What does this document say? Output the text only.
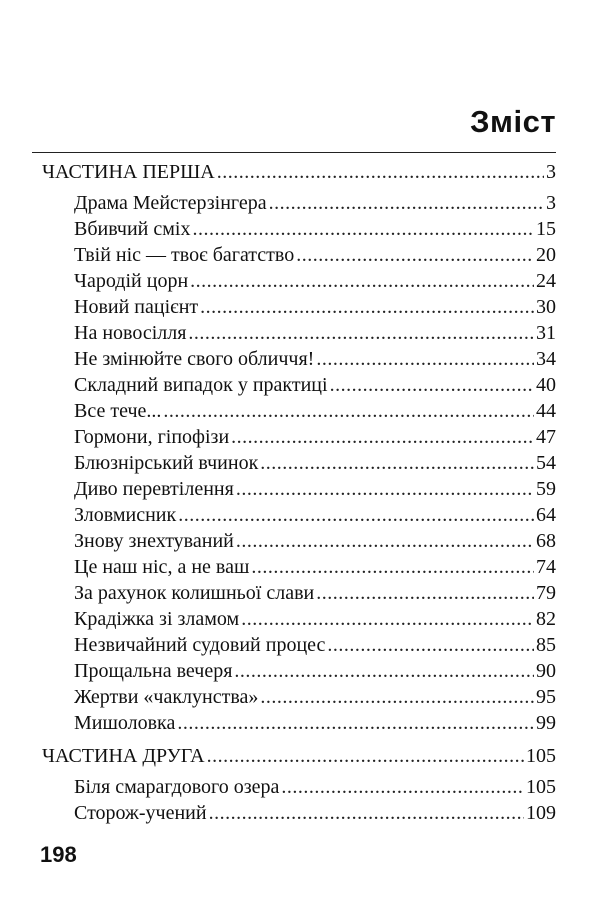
Зміст
ЧАСТИНА ПЕРША .....	3
Драма Мейстерзінгера .....	3
Вбивчий сміх .....	15
Твій ніс — твоє багатство .....	20
Чародій цорн .....	24
Новий пацієнт .....	30
На новосілля .....	31
Не змінюйте свого обличчя! .....	34
Складний випадок у практиці .....	40
Все тече... .....	44
Гормони, гіпофізи .....	47
Блюзнірський вчинок .....	54
Диво перевтілення .....	59
Зловмисник .....	64
Знову знехтуваний .....	68
Це наш ніс, а не ваш .....	74
За рахунок колишньої слави .....	79
Крадіжка зі зламом .....	82
Незвичайний судовий процес .....	85
Прощальна вечеря .....	90
Жертви «чаклунства» .....	95
Мишоловка .....	99
ЧАСТИНА ДРУГА .....	105
Біля смарагдового озера .....	105
Сторож-учений .....	109
198
